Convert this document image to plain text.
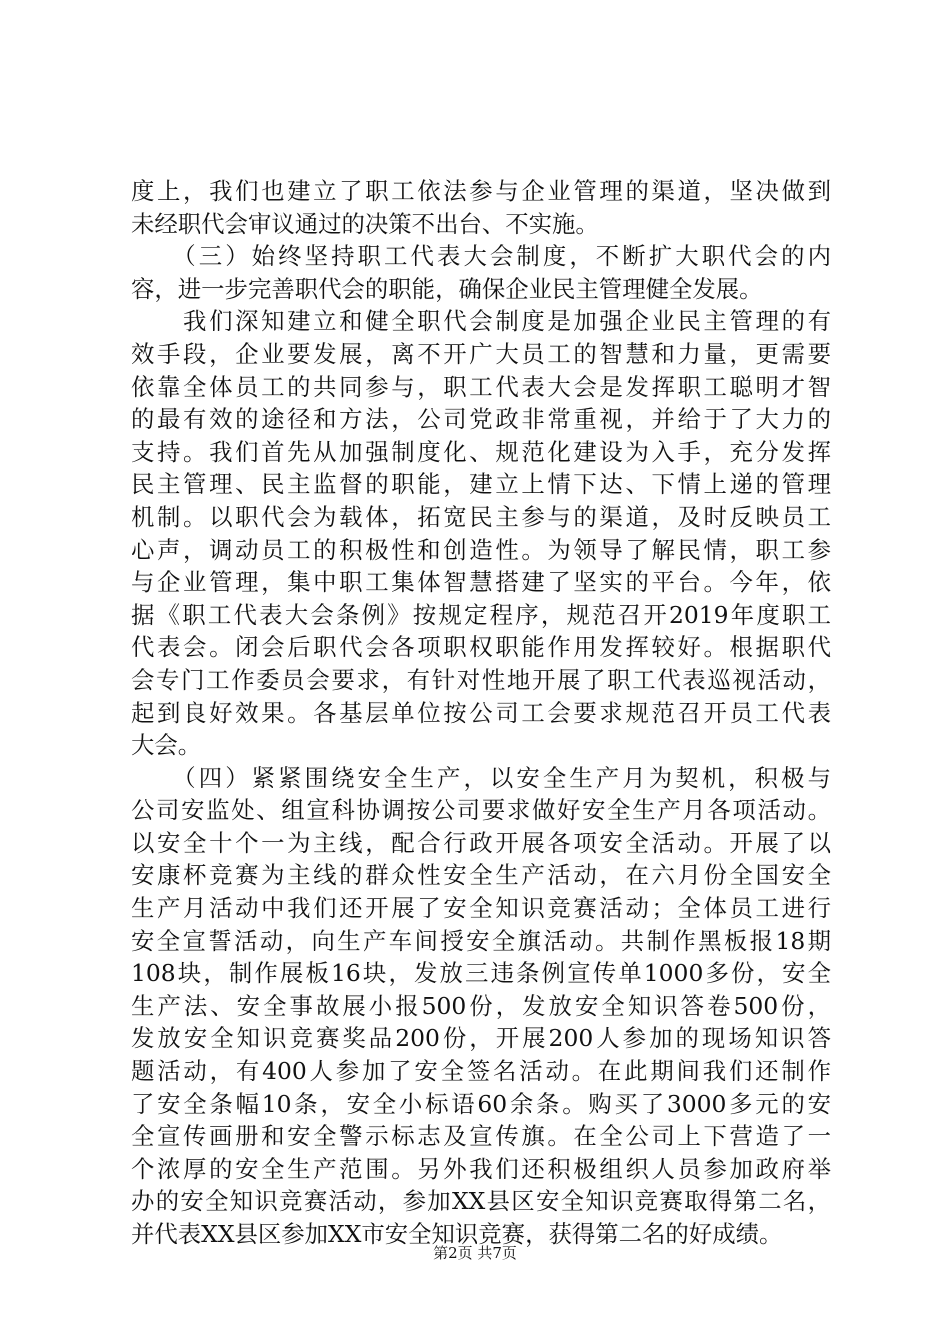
度上，我们也建立了职工依法参与企业管理的渠道，坚决做到
未经职代会审议通过的决策不出台、不实施。
　　（三）始终坚持职工代表大会制度，不断扩大职代会的内
容，进一步完善职代会的职能，确保企业民主管理健全发展。
　　我们深知建立和健全职代会制度是加强企业民主管理的有
效手段，企业要发展，离不开广大员工的智慧和力量，更需要
依靠全体员工的共同参与，职工代表大会是发挥职工聪明才智
的最有效的途径和方法，公司党政非常重视，并给于了大力的
支持。我们首先从加强制度化、规范化建设为入手，充分发挥
民主管理、民主监督的职能，建立上情下达、下情上递的管理
机制。以职代会为载体，拓宽民主参与的渠道，及时反映员工
心声，调动员工的积极性和创造性。为领导了解民情，职工参
与企业管理，集中职工集体智慧搭建了坚实的平台。今年，依
据《职工代表大会条例》按规定程序，规范召开2019年度职工
代表会。闭会后职代会各项职权职能作用发挥较好。根据职代
会专门工作委员会要求，有针对性地开展了职工代表巡视活动，
起到良好效果。各基层单位按公司工会要求规范召开员工代表
大会。
　　（四）紧紧围绕安全生产，以安全生产月为契机，积极与
公司安监处、组宣科协调按公司要求做好安全生产月各项活动。
以安全十个一为主线，配合行政开展各项安全活动。开展了以
安康杯竞赛为主线的群众性安全生产活动，在六月份全国安全
生产月活动中我们还开展了安全知识竞赛活动；全体员工进行
安全宣誓活动，向生产车间授安全旗活动。共制作黑板报18期
108块，制作展板16块，发放三违条例宣传单1000多份，安全
生产法、安全事故展小报500份，发放安全知识答卷500份，
发放安全知识竞赛奖品200份，开展200人参加的现场知识答
题活动，有400人参加了安全签名活动。在此期间我们还制作
了安全条幅10条，安全小标语60余条。购买了3000多元的安
全宣传画册和安全警示标志及宣传旗。在全公司上下营造了一
个浓厚的安全生产范围。另外我们还积极组织人员参加政府举
办的安全知识竞赛活动，参加XX县区安全知识竞赛取得第二名，
并代表XX县区参加XX市安全知识竞赛，获得第二名的好成绩。
第2页 共7页
